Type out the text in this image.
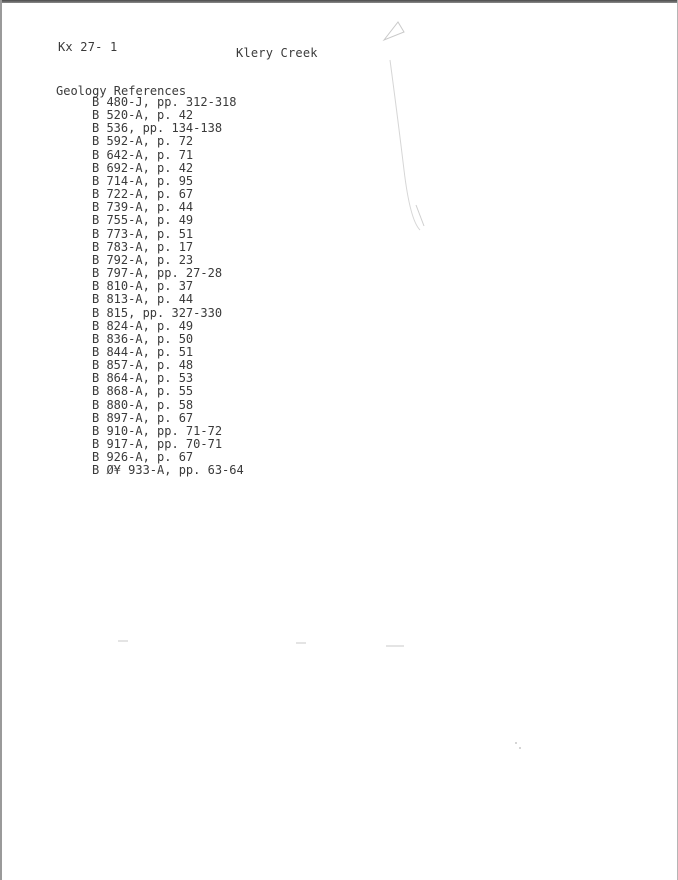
Kx 27- 1	Klery Creek
Geology References
B 480-J, pp. 312-318
B 520-A, p. 42
B 536, pp. 134-138
B 592-A, p. 72
B 642-A, p. 71
B 692-A, p. 42
B 714-A, p. 95
B 722-A, p. 67
B 739-A, p. 44
B 755-A, p. 49
B 773-A, p. 51
B 783-A, p. 17
B 792-A, p. 23
B 797-A, pp. 27-28
B 810-A, p. 37
B 813-A, p. 44
B 815, pp. 327-330
B 824-A, p. 49
B 836-A, p. 50
B 844-A, p. 51
B 857-A, p. 48
B 864-A, p. 53
B 868-A, p. 55
B 880-A, p. 58
B 897-A, p. 67
B 910-A, pp. 71-72
B 917-A, pp. 70-71
B 926-A, p. 67
B Ø¥ 933-A, pp. 63-64
